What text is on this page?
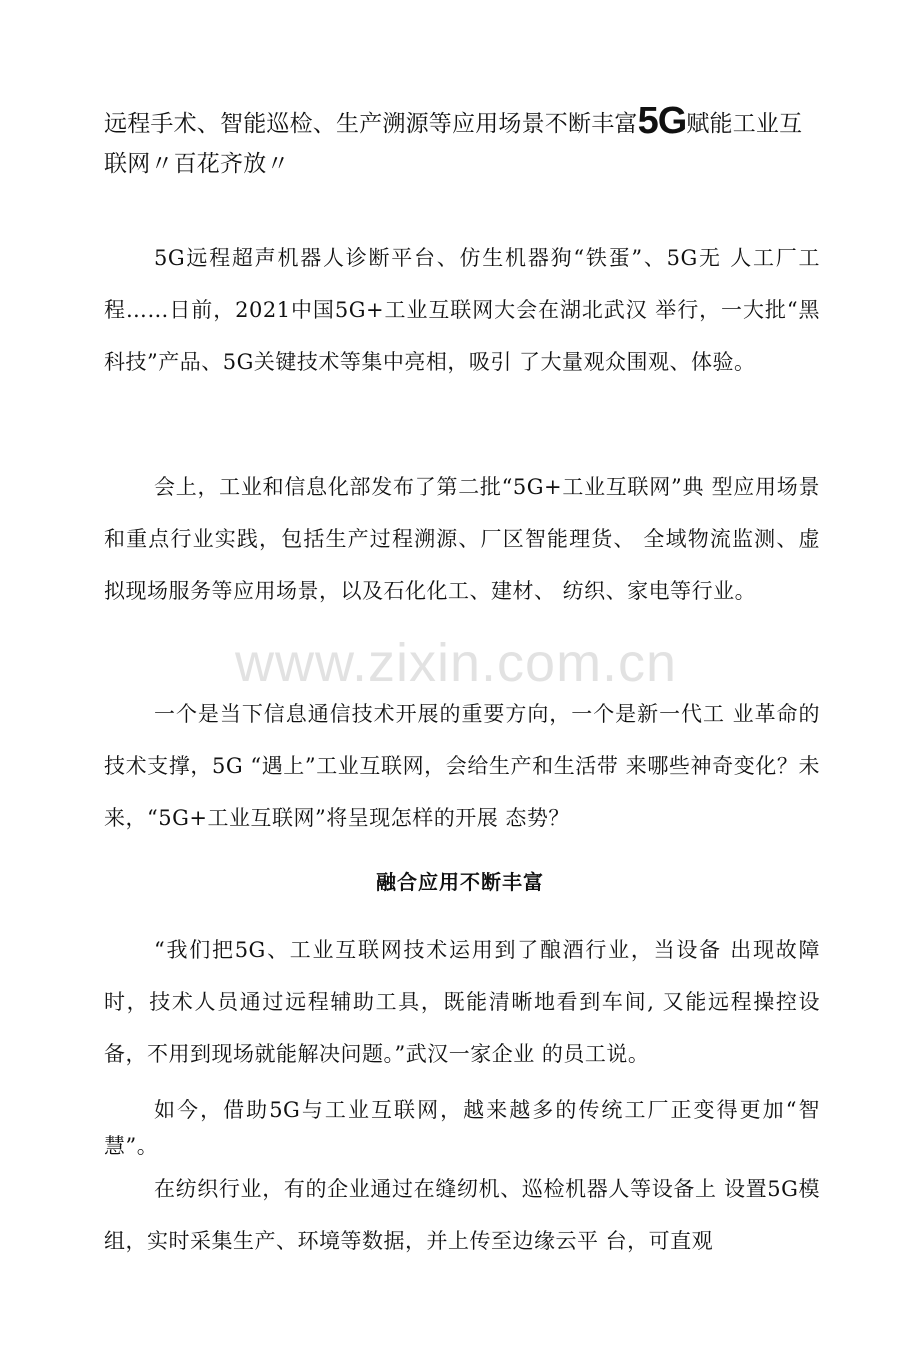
远程手术、智能巡检、生产溯源等应用场景不断丰富5G赋能工业互联网〃百花齐放〃
5G远程超声机器人诊断平台、仿生机器狗“铁蛋”、5G无 人工厂工程……日前，2021中国5G+工业互联网大会在湖北武汉 举行，一大批“黑科技”产品、5G关键技术等集中亮相，吸引 了大量观众围观、体验。
会上，工业和信息化部发布了第二批“5G+工业互联网”典 型应用场景和重点行业实践，包括生产过程溯源、厂区智能理货、 全域物流监测、虚拟现场服务等应用场景，以及石化化工、建材、 纺织、家电等行业。
一个是当下信息通信技术开展的重要方向，一个是新一代工 业革命的技术支撑，5G “遇上”工业互联网，会给生产和生活带 来哪些神奇变化？未来，“5G+工业互联网”将呈现怎样的开展 态势？
融合应用不断丰富
“我们把5G、工业互联网技术运用到了酿酒行业，当设备 出现故障时，技术人员通过远程辅助工具，既能清晰地看到车间, 又能远程操控设备，不用到现场就能解决问题。”武汉一家企业 的员工说。
如今，借助5G与工业互联网，越来越多的传统工厂正变得更加“智慧”。
在纺织行业，有的企业通过在缝纫机、巡检机器人等设备上 设置5G模组，实时采集生产、环境等数据，并上传至边缘云平 台，可直观
www.zixin.com.cn
